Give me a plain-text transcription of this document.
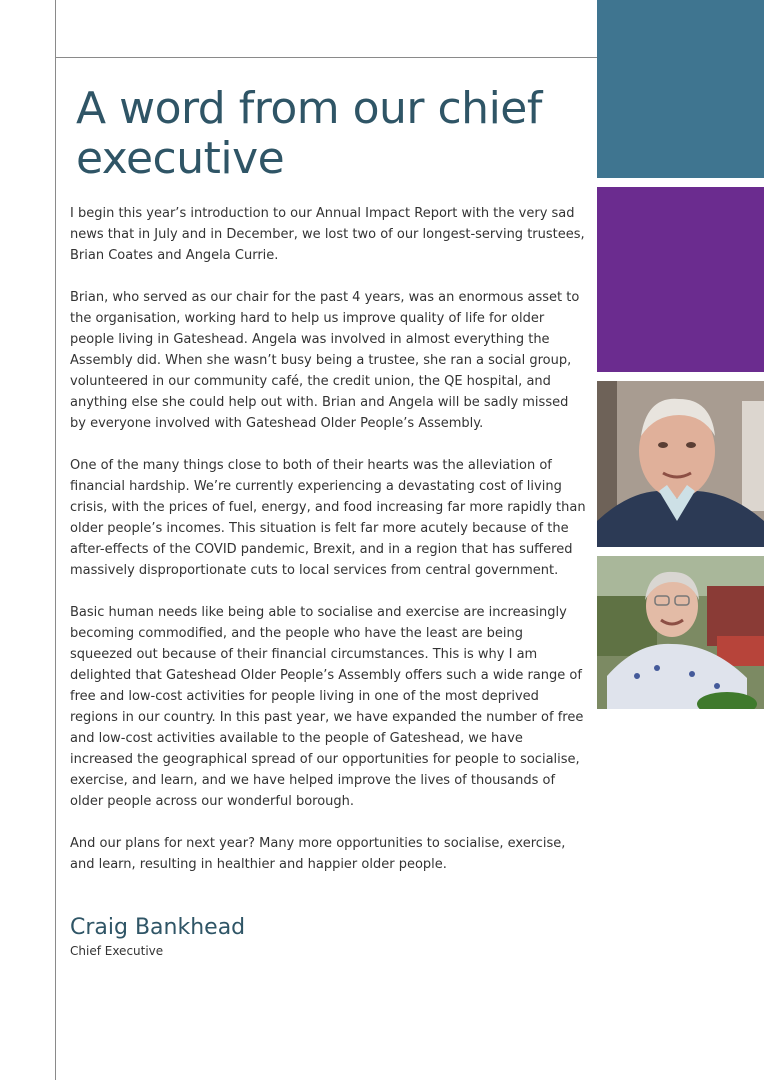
A word from our chief
executive

I begin this year’s introduction to our Annual Impact Report with the very sad news that in July and in December, we lost two of our longest-serving trustees, Brian Coates and Angela Currie.

Brian, who served as our chair for the past 4 years, was an enormous asset to the organisation, working hard to help us improve quality of life for older people living in Gateshead. Angela was involved in almost everything the Assembly did. When she wasn’t busy being a trustee, she ran a social group, volunteered in our community café, the credit union, the QE hospital, and anything else she could help out with. Brian and Angela will be sadly missed by everyone involved with Gateshead Older People’s Assembly.

One of the many things close to both of their hearts was the alleviation of financial hardship. We’re currently experiencing a devastating cost of living crisis, with the prices of fuel, energy, and food increasing far more rapidly than older people’s incomes. This situation is felt far more acutely because of the after-effects of the COVID pandemic, Brexit, and in a region that has suffered massively disproportionate cuts to local services from central government.

Basic human needs like being able to socialise and exercise are increasingly becoming commodified, and the people who have the least are being squeezed out because of their financial circumstances. This is why I am delighted that Gateshead Older People’s Assembly offers such a wide range of free and low-cost activities for people living in one of the most deprived regions in our country. In this past year, we have expanded the number of free and low-cost activities available to the people of Gateshead, we have increased the geographical spread of our opportunities for people to socialise, exercise, and learn, and we have helped improve the lives of thousands of older people across our wonderful borough.

And our plans for next year? Many more opportunities to socialise, exercise, and learn, resulting in healthier and happier older people.

Craig Bankhead
Chief Executive
